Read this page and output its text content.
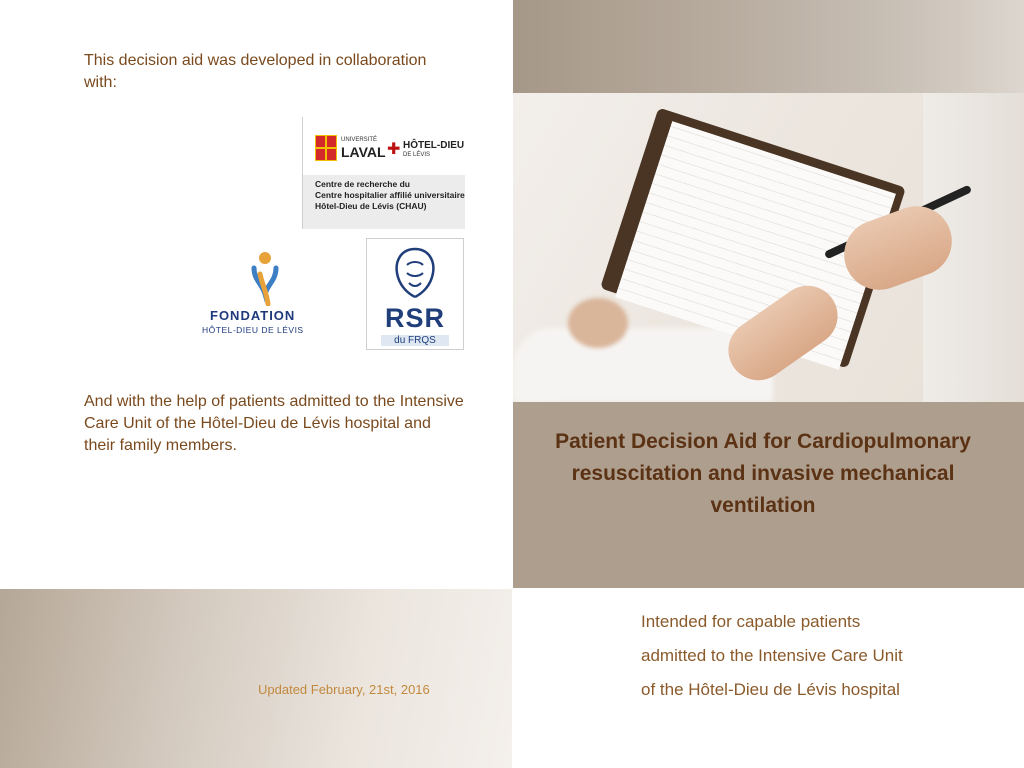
This decision aid was developed in collaboration with:
UNIVERSITÉ
LAVAL ✚ HÔTEL-DIEU
DE LÉVIS
Centre de recherche du
Centre hospitalier affilié universitaire
Hôtel-Dieu de Lévis (CHAU)
FONDATION
HÔTEL-DIEU DE LÉVIS	RSR
du FRQS
And with the help of patients admitted to the Intensive Care Unit of the Hôtel-Dieu de Lévis hospital and their family members.	Patient Decision Aid for Cardiopulmonary resuscitation and invasive mechanical ventilation
Updated February, 21st, 2016
Intended for capable patients
admitted to the Intensive Care Unit
of the Hôtel-Dieu de Lévis hospital
